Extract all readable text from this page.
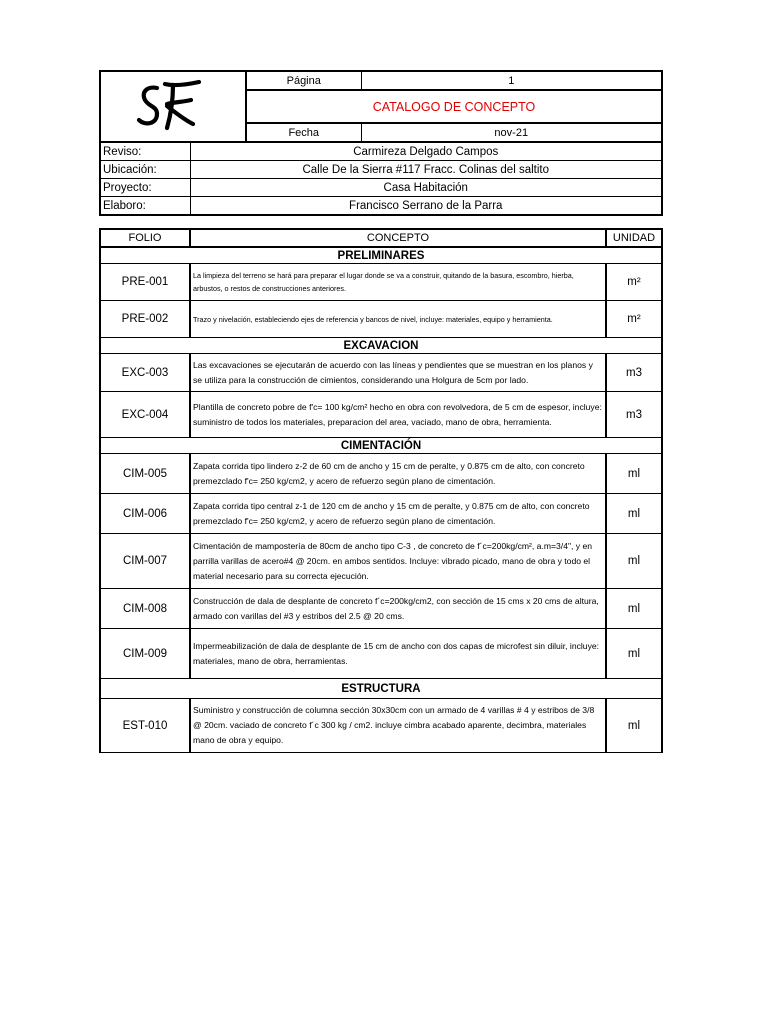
	Página	1
		CATALOGO DE CONCEPTO	
		Fecha	nov-21
Reviso:	Carmireza Delgado Campos		
Ubicación:	Calle De la Sierra #117 Fracc. Colinas del saltito		
Proyecto:	Casa Habitación		
Elaboro:	Francisco Serrano de la Parra		
FOLIO	CONCEPTO	UNIDAD
PRELIMINARES		
PRE-001	La limpieza del terreno se hará para preparar el lugar donde se va a construir, quitando de la basura, escombro, hierba, arbustos, o restos de construcciones anteriores.	m²
PRE-002	Trazo y nivelación, estableciendo ejes de referencia y bancos de nivel, incluye: materiales, equipo y herramienta.	m²
EXCAVACION		
EXC-003	Las excavaciones se ejecutarán de acuerdo con las líneas y pendientes que se muestran en los planos y se utiliza para la construcción de cimientos, considerando una Holgura de 5cm por lado.	m3
EXC-004	Plantilla de concreto pobre de f'c= 100 kg/cm² hecho en obra con revolvedora, de 5 cm de espesor, incluye: suministro de todos los materiales, preparacion del area, vaciado, mano de obra, herramienta.	m3
CIMENTACIÓN		
CIM-005	Zapata corrida tipo lindero z-2 de 60 cm de ancho y 15 cm de peralte, y 0.875 cm de alto, con concreto premezclado f'c= 250 kg/cm2, y acero de refuerzo según plano de cimentación.	ml
CIM-006	Zapata corrida tipo central z-1 de 120 cm de ancho y 15 cm de peralte, y 0.875 cm de alto, con concreto premezclado f'c= 250 kg/cm2, y acero de refuerzo según plano de cimentación.	ml
CIM-007	Cimentación de mampostería de 80cm de ancho tipo C-3 , de concreto de f´c=200kg/cm², a.m=3/4", y en parrilla varillas de acero#4 @ 20cm. en ambos sentidos. Incluye: vibrado picado, mano de obra y todo el material necesario para su correcta ejecución.	ml
CIM-008	Construcción de dala de desplante de concreto f´c=200kg/cm2, con sección de 15 cms x 20 cms de altura, armado con varillas del #3 y estribos del 2.5 @ 20 cms.	ml
CIM-009	Impermeabilización de dala de desplante de 15 cm de ancho con dos capas de microfest sin diluir, incluye: materiales, mano de obra, herramientas.	ml
ESTRUCTURA		
EST-010	Suministro y construcción de columna sección 30x30cm con un armado de 4 varillas # 4 y estribos de 3/8 @ 20cm. vaciado de concreto f´c 300 kg / cm2. incluye cimbra acabado aparente, decimbra, materiales mano de obra y equipo.	ml
